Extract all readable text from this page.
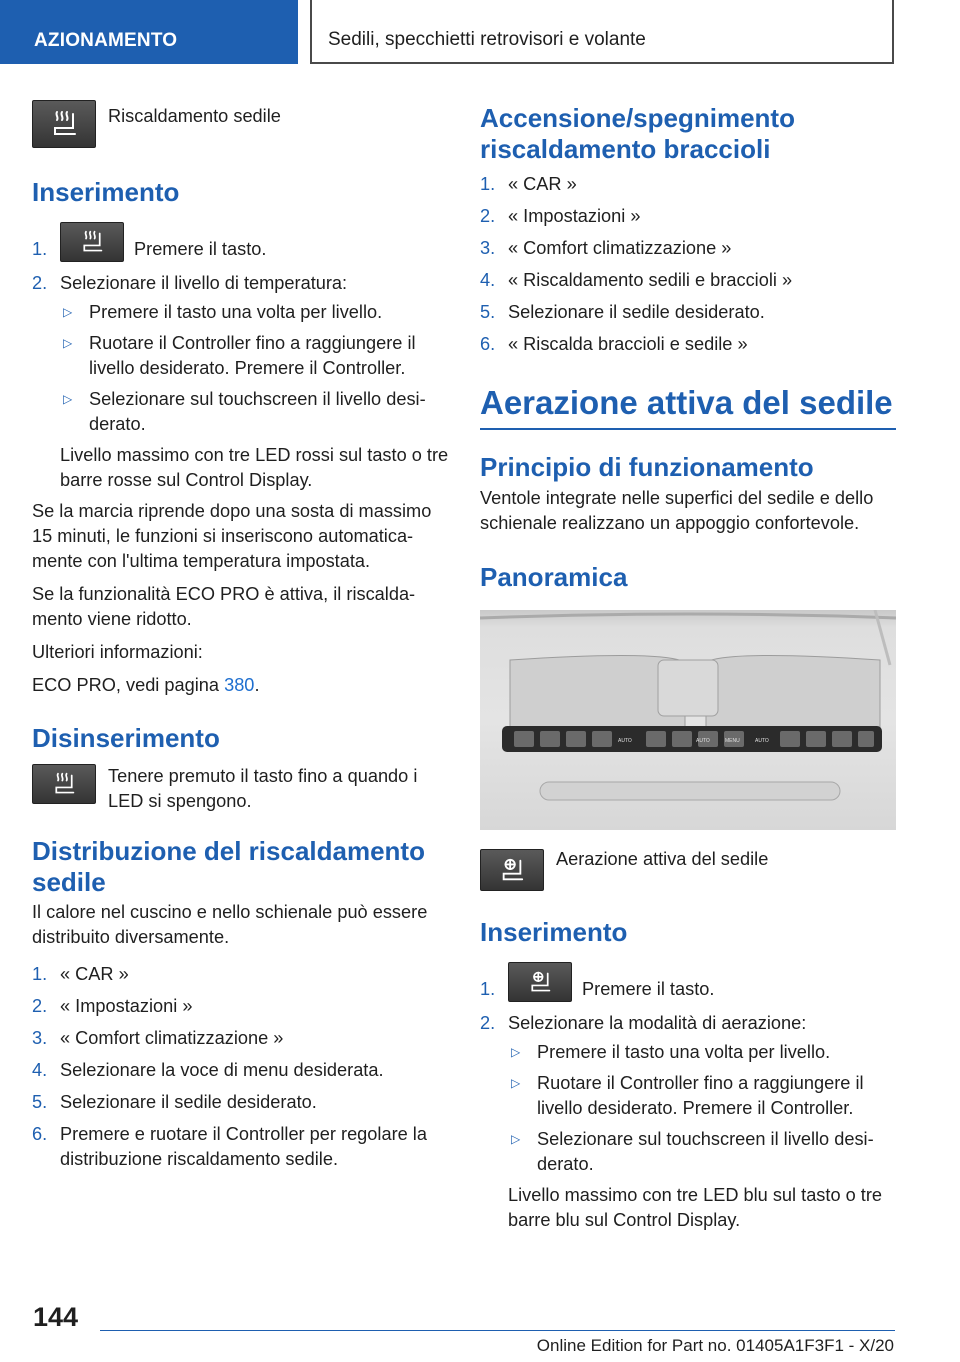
AZIONAMENTO	Sedili, specchietti retrovisori e volante

Riscaldamento sedile

Inserimento
1.	Premere il tasto.
2. Selezionare il livello di temperatura:
▷ Premere il tasto una volta per livello.
▷ Ruotare il Controller fino a raggiungere il livello desiderato. Premere il Controller.
▷ Selezionare sul touchscreen il livello desi‐ derato.

Livello massimo con tre LED rossi sul tasto o tre barre rosse sul Control Display.

Se la marcia riprende dopo una sosta di massimo 15 minuti, le funzioni si inseriscono automatica‐ mente con l'ultima temperatura impostata.

Se la funzionalità ECO PRO è attiva, il riscalda‐ mento viene ridotto.

Ulteriori informazioni:

ECO PRO, vedi pagina 380.

Disinserimento

Tenere premuto il tasto fino a quando i LED si spengono.

Distribuzione del riscaldamento sedile

Il calore nel cuscino e nello schienale può essere distribuito diversamente.

1. « CAR »
2. « Impostazioni »
3. « Comfort climatizzazione »
4. Selezionare la voce di menu desiderata.
5. Selezionare il sedile desiderato.
6. Premere e ruotare il Controller per regolare la distribuzione riscaldamento sedile.
Accensione/spegnimento riscaldamento braccioli
1. « CAR »
2. « Impostazioni »
3. « Comfort climatizzazione »
4. « Riscaldamento sedili e braccioli »
5. Selezionare il sedile desiderato.
6. « Riscalda braccioli e sedile »
Aerazione attiva del sedile
Principio di funzionamento

Ventole integrate nelle superfici del sedile e dello schienale realizzano un appoggio confortevole.

Panoramica
AUTO	AUTO	MENU	AUTO

Aerazione attiva del sedile

Inserimento
1.	Premere il tasto.
2. Selezionare la modalità di aerazione:
▷ Premere il tasto una volta per livello.
▷ Ruotare il Controller fino a raggiungere il livello desiderato. Premere il Controller.
▷ Selezionare sul touchscreen il livello desi‐ derato.

Livello massimo con tre LED blu sul tasto o tre barre blu sul Control Display.

144
Online Edition for Part no. 01405A1F3F1 - X/20
